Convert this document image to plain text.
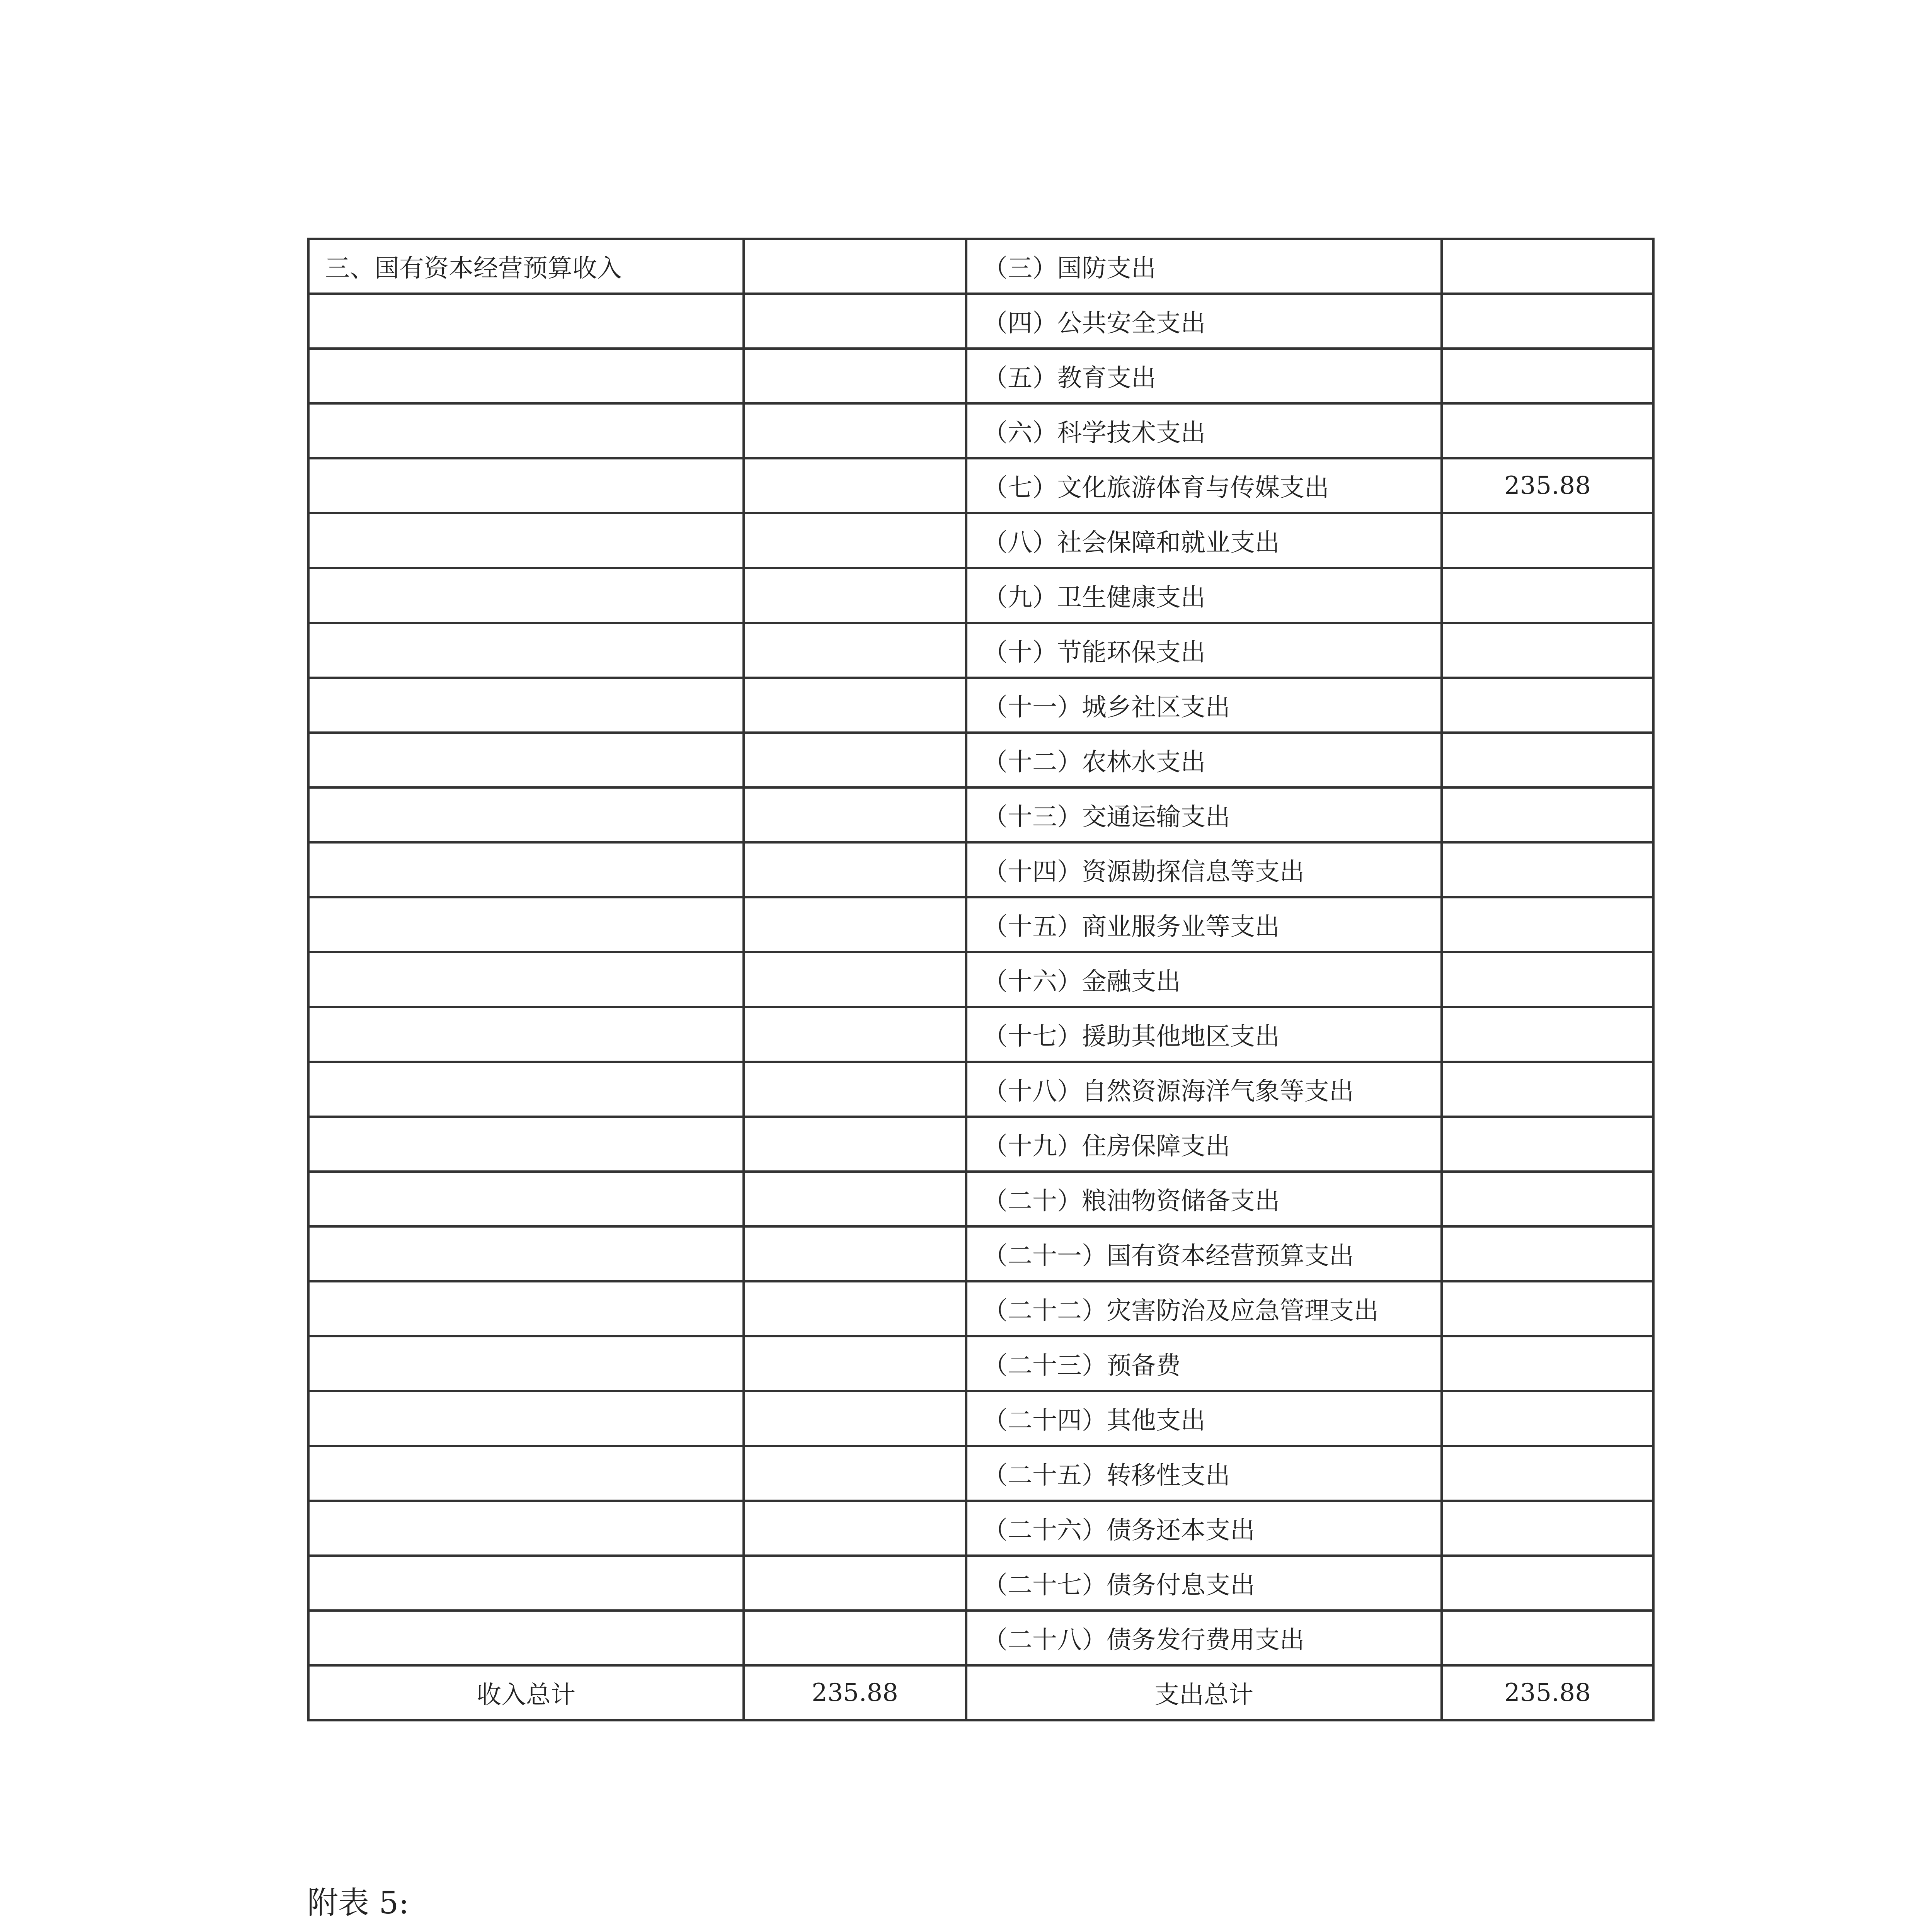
三、国有资本经营预算收入		（三）国防支出	
		（四）公共安全支出	
		（五）教育支出	
		（六）科学技术支出	
		（七）文化旅游体育与传媒支出	235.88
		（八）社会保障和就业支出	
		（九）卫生健康支出	
		（十）节能环保支出	
		（十一）城乡社区支出	
		（十二）农林水支出	
		（十三）交通运输支出	
		（十四）资源勘探信息等支出	
		（十五）商业服务业等支出	
		（十六）金融支出	
		（十七）援助其他地区支出	
		（十八）自然资源海洋气象等支出	
		（十九）住房保障支出	
		（二十）粮油物资储备支出	
		（二十一）国有资本经营预算支出	
		（二十二）灾害防治及应急管理支出	
		（二十三）预备费	
		（二十四）其他支出	
		（二十五）转移性支出	
		（二十六）债务还本支出	
		（二十七）债务付息支出	
		（二十八）债务发行费用支出	
收入总计	235.88	支出总计	235.88
附表 5:
